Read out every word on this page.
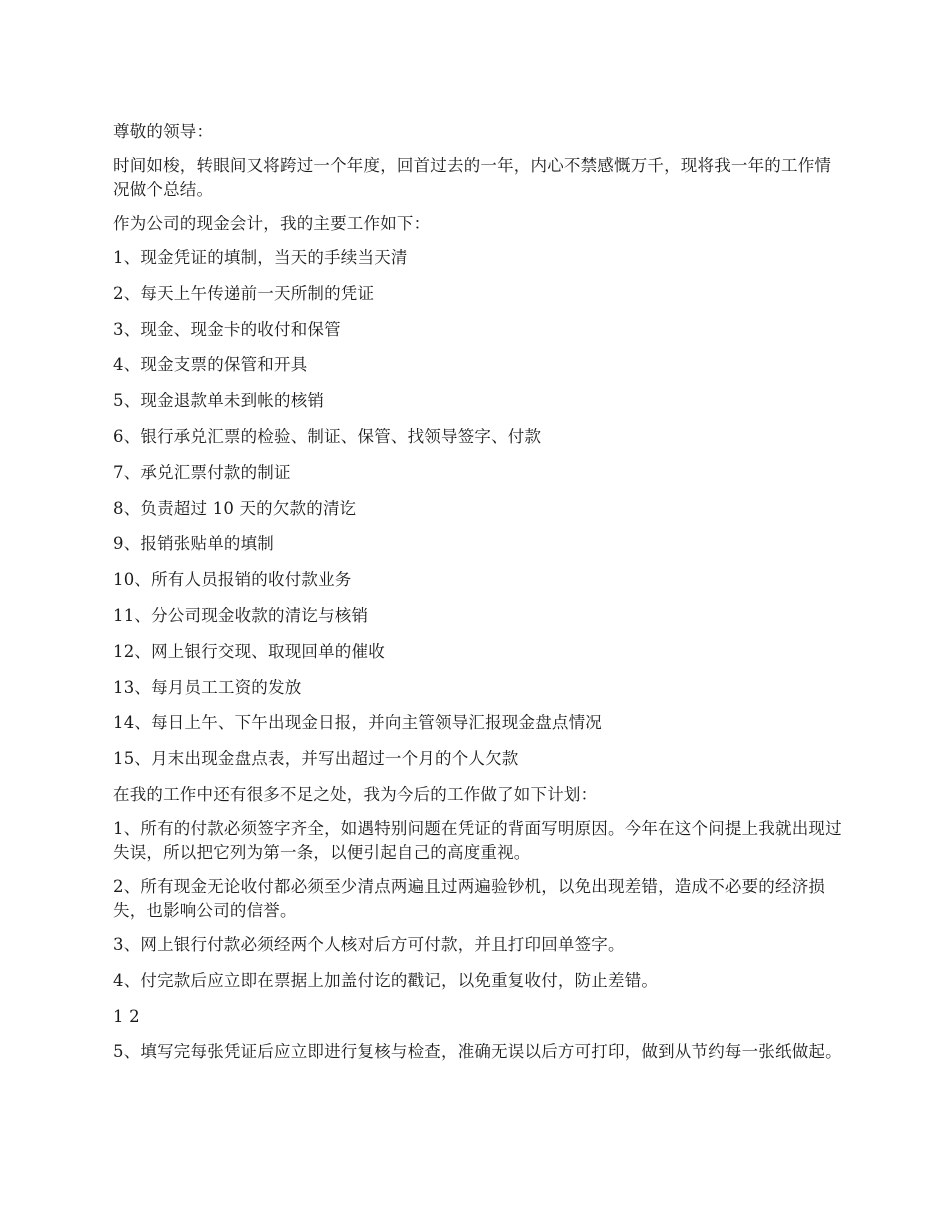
尊敬的领导：

时间如梭，转眼间又将跨过一个年度，回首过去的一年，内心不禁感慨万千，现将我一年的工作情况做个总结。

作为公司的现金会计，我的主要工作如下：

1、现金凭证的填制，当天的手续当天清

2、每天上午传递前一天所制的凭证

3、现金、现金卡的收付和保管

4、现金支票的保管和开具

5、现金退款单未到帐的核销

6、银行承兑汇票的检验、制证、保管、找领导签字、付款

7、承兑汇票付款的制证

8、负责超过 10 天的欠款的清讫

9、报销张贴单的填制

10、所有人员报销的收付款业务

11、分公司现金收款的清讫与核销

12、网上银行交现、取现回单的催收

13、每月员工工资的发放

14、每日上午、下午出现金日报，并向主管领导汇报现金盘点情况

15、月末出现金盘点表，并写出超过一个月的个人欠款

在我的工作中还有很多不足之处，我为今后的工作做了如下计划：

1、所有的付款必须签字齐全，如遇特别问题在凭证的背面写明原因。今年在这个问提上我就出现过失误，所以把它列为第一条，以便引起自己的高度重视。

2、所有现金无论收付都必须至少清点两遍且过两遍验钞机，以免出现差错，造成不必要的经济损失，也影响公司的信誉。

3、网上银行付款必须经两个人核对后方可付款，并且打印回单签字。

4、付完款后应立即在票据上加盖付讫的戳记，以免重复收付，防止差错。

1 2

5、填写完每张凭证后应立即进行复核与检查，准确无误以后方可打印，做到从节约每一张纸做起。
